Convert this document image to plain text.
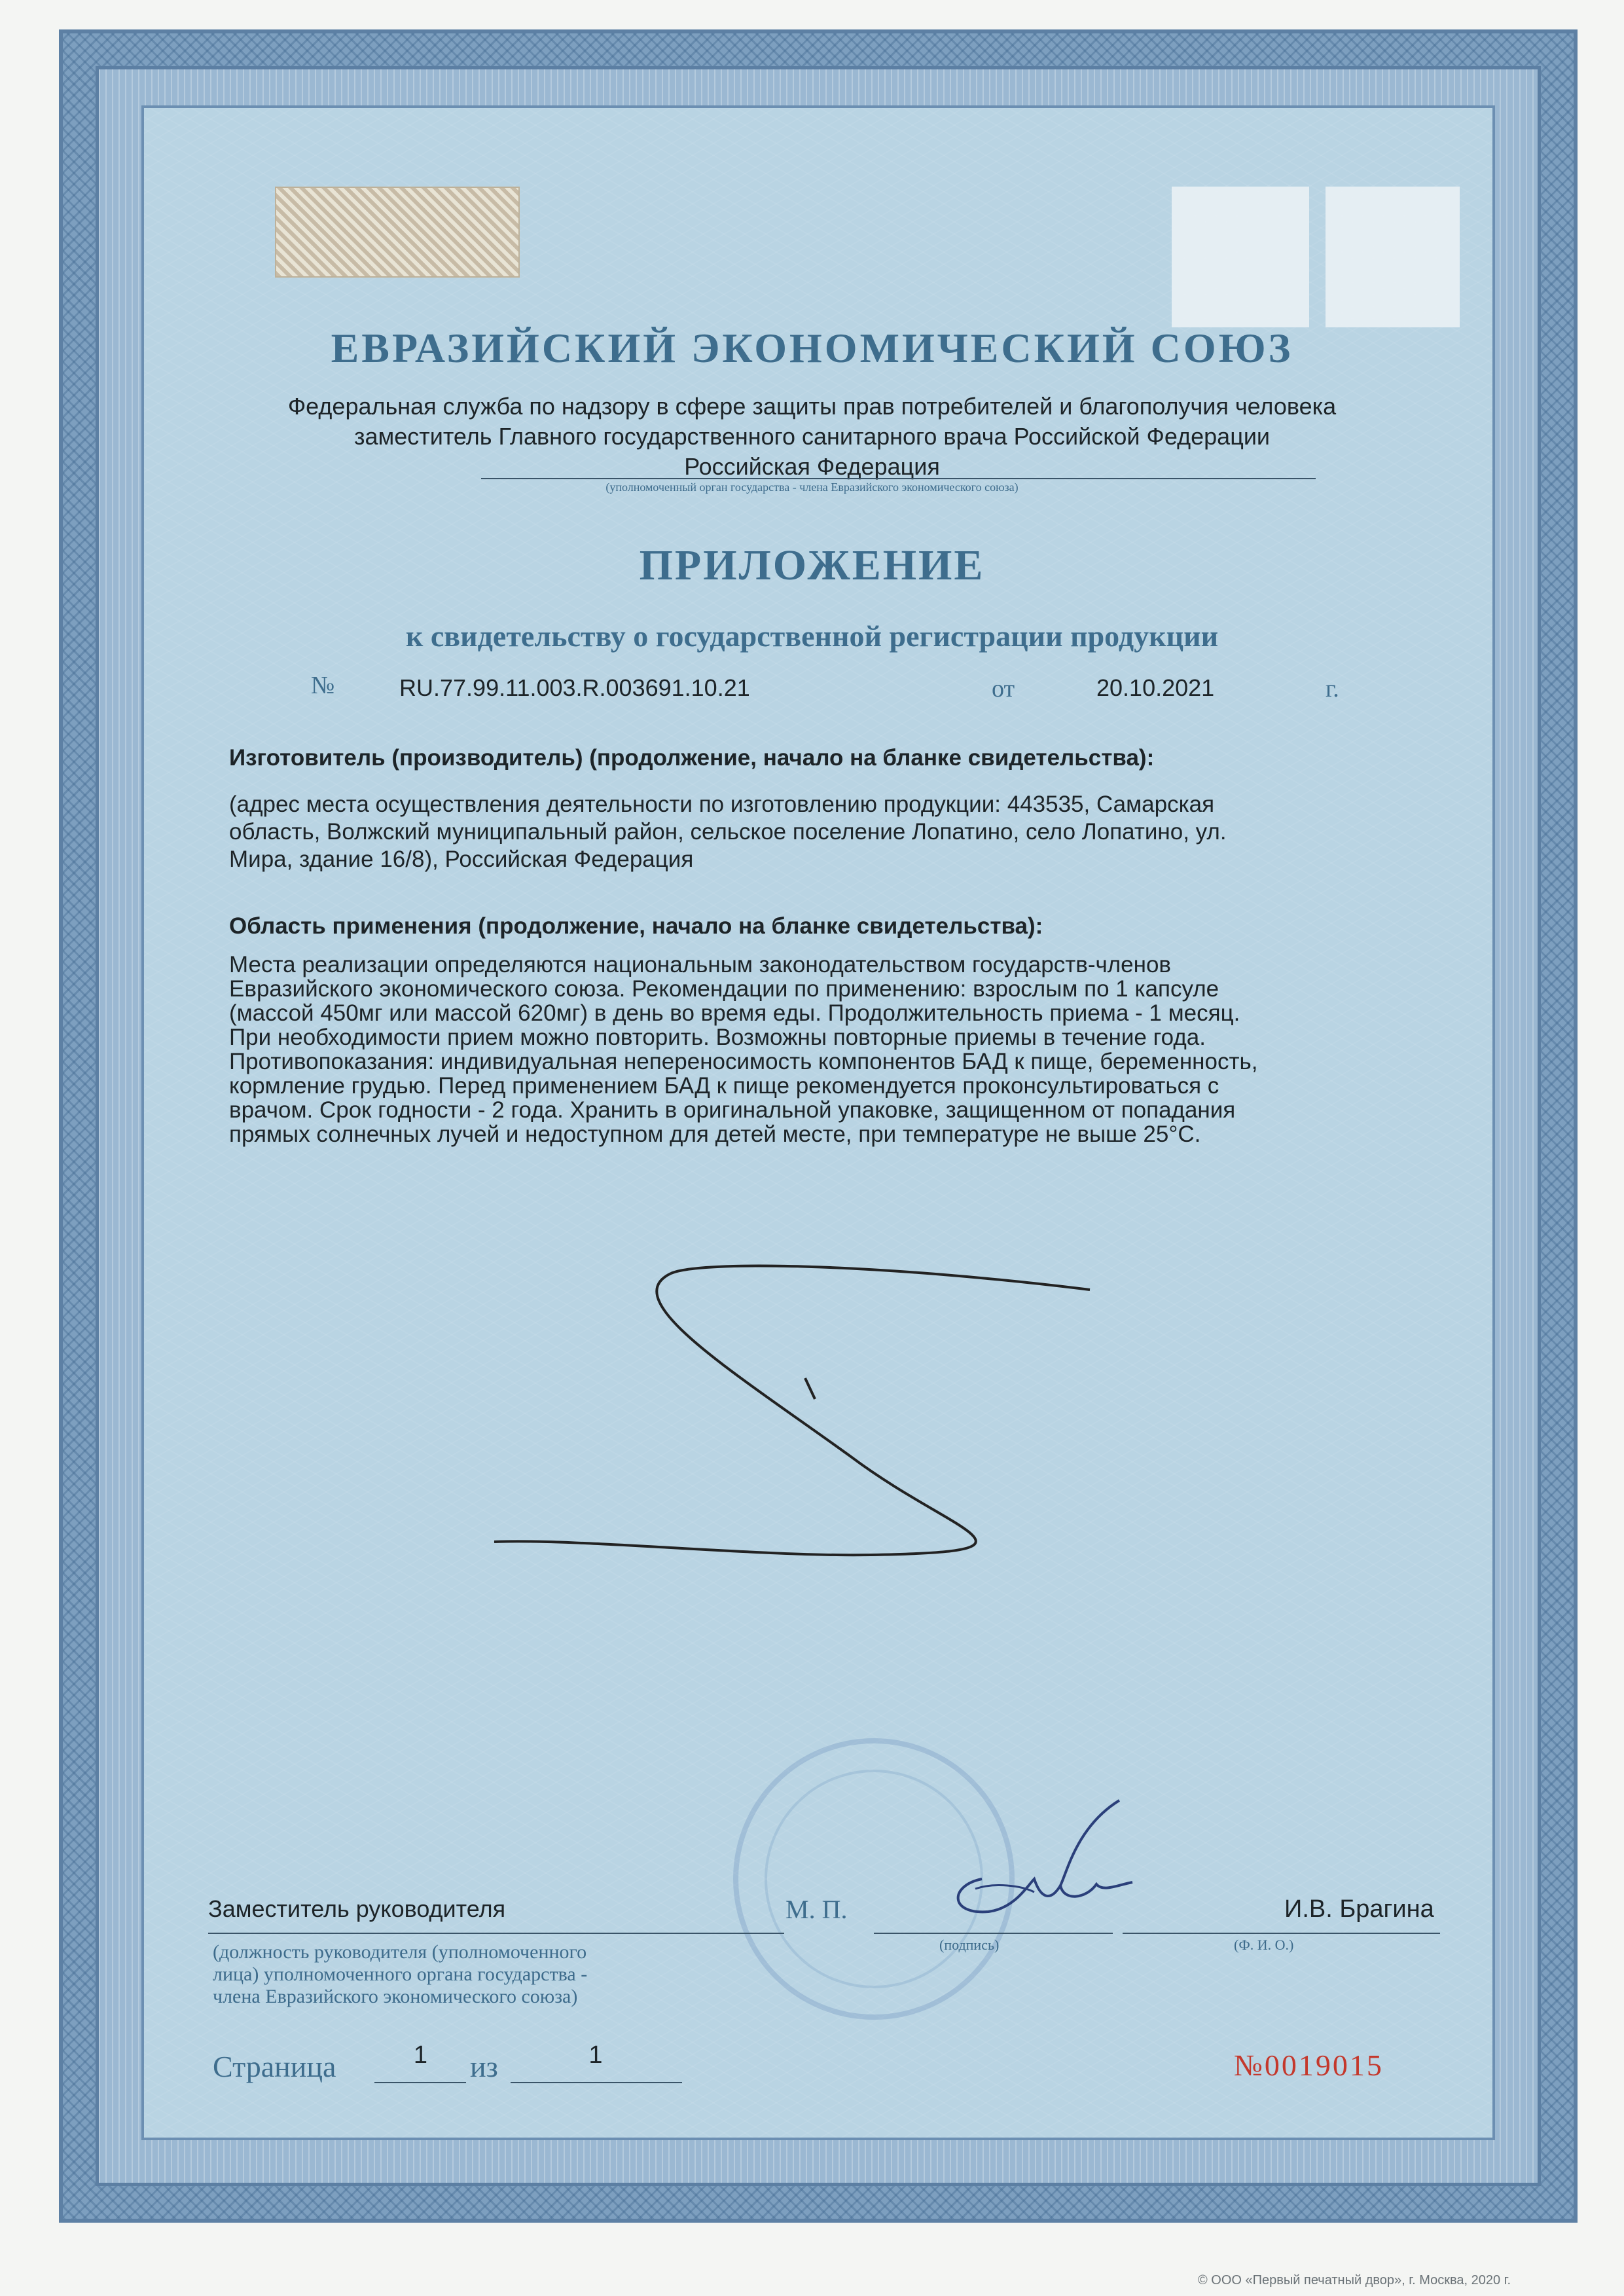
ЕВРАЗИЙСКИЙ ЭКОНОМИЧЕСКИЙ СОЮЗ
Федеральная служба по надзору в сфере защиты прав потребителей и благополучия человека
заместитель Главного государственного санитарного врача Российской Федерации
Российская Федерация
(уполномоченный орган государства - члена Евразийского экономического союза)
ПРИЛОЖЕНИЕ
к свидетельству о государственной регистрации продукции
№	RU.77.99.11.003.R.003691.10.21	от	20.10.2021	г.
Изготовитель (производитель) (продолжение, начало на бланке свидетельства):
(адрес места осуществления деятельности по изготовлению продукции: 443535, Самарская
область, Волжский муниципальный район, сельское поселение Лопатино, село Лопатино, ул.
Мира, здание 16/8), Российская Федерация
Область применения (продолжение, начало на бланке свидетельства):
Места реализации определяются национальным законодательством государств-членов
Евразийского экономического союза. Рекомендации по применению: взрослым по 1 капсуле
(массой 450мг или массой 620мг) в день во время еды. Продолжительность приема - 1 месяц.
При необходимости прием можно повторить. Возможны повторные приемы в течение года.
Противопоказания: индивидуальная непереносимость компонентов БАД к пище, беременность,
кормление грудью. Перед применением БАД к пище рекомендуется проконсультироваться с
врачом. Срок годности - 2 года. Хранить в оригинальной упаковке, защищенном от попадания
прямых солнечных лучей и недоступном для детей месте, при температуре не выше 25°С.
Заместитель руководителя	М. П.	И.В. Брагина
(подпись)	(Ф. И. О.)
(должность руководителя (уполномоченного
лица) уполномоченного органа государства -
члена Евразийского экономического союза)
Страница	1	из	1	№0019015
© ООО «Первый печатный двор», г. Москва, 2020 г.
